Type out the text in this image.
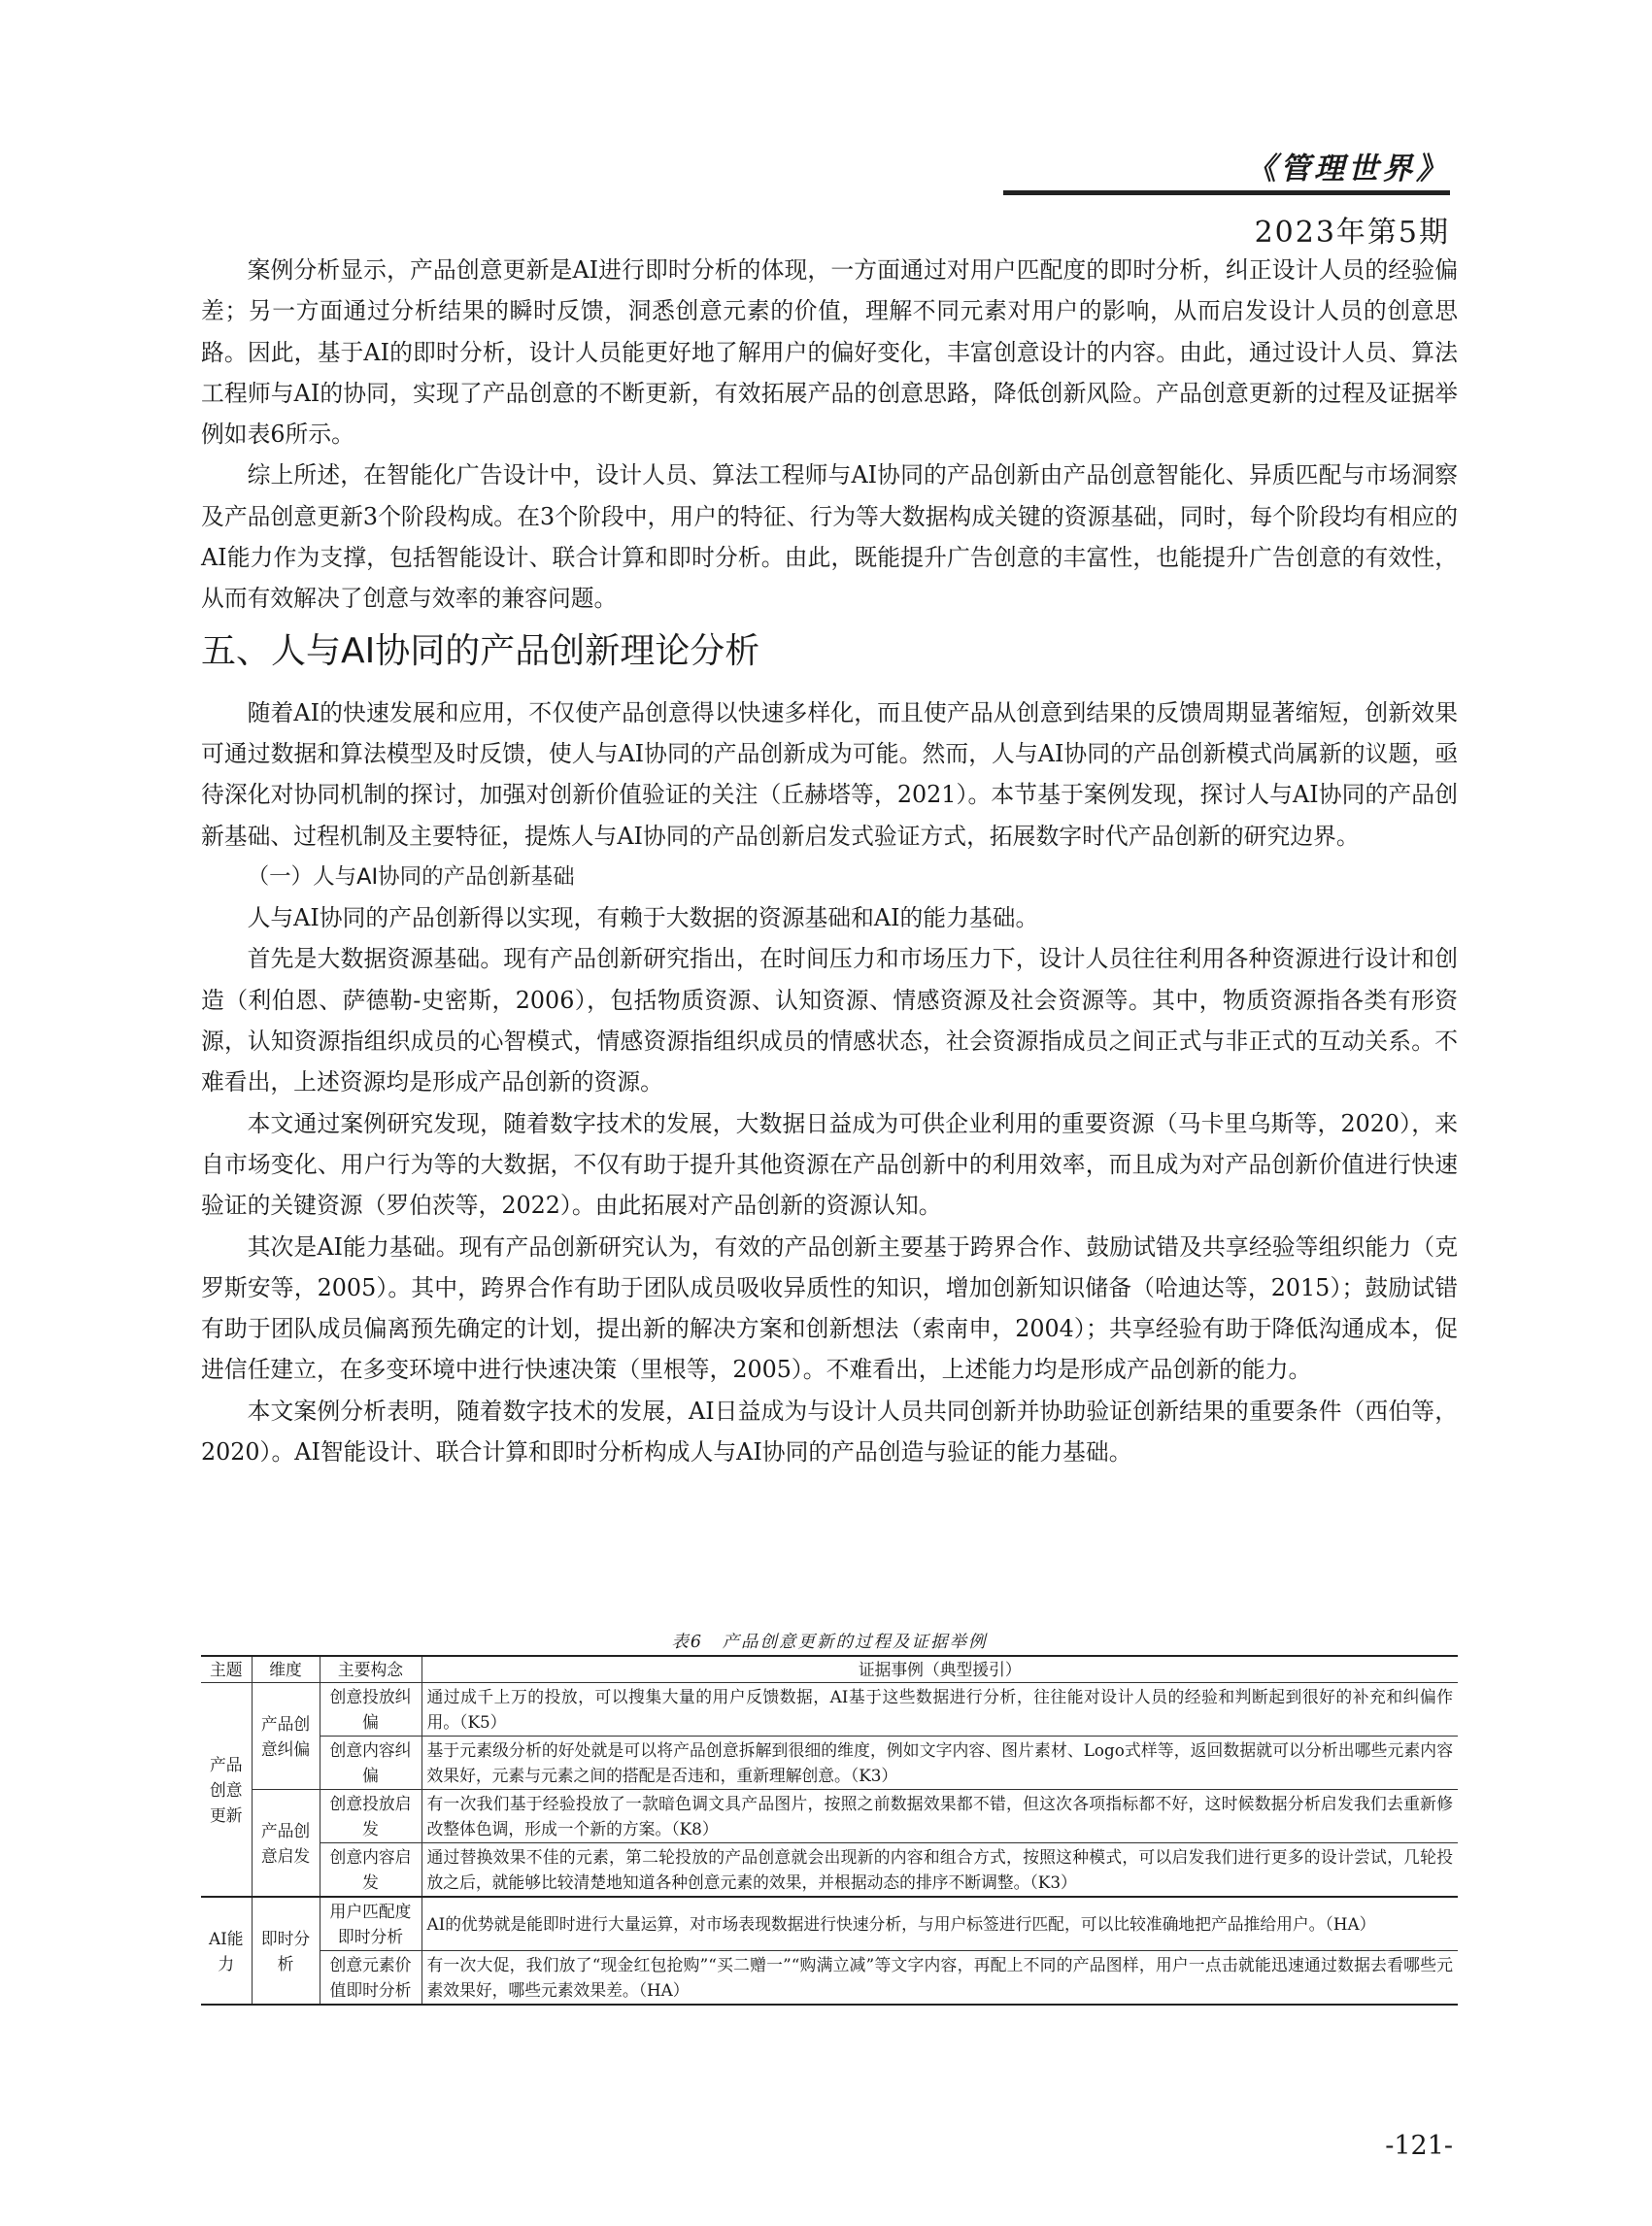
《管理世界》
2023年第5期

案例分析显示，产品创意更新是AI进行即时分析的体现，一方面通过对用户匹配度的即时分析，纠正设计人员的经验偏差；另一方面通过分析结果的瞬时反馈，洞悉创意元素的价值，理解不同元素对用户的影响，从而启发设计人员的创意思路。因此，基于AI的即时分析，设计人员能更好地了解用户的偏好变化，丰富创意设计的内容。由此，通过设计人员、算法工程师与AI的协同，实现了产品创意的不断更新，有效拓展产品的创意思路，降低创新风险。产品创意更新的过程及证据举例如表6所示。

综上所述，在智能化广告设计中，设计人员、算法工程师与AI协同的产品创新由产品创意智能化、异质匹配与市场洞察及产品创意更新3个阶段构成。在3个阶段中，用户的特征、行为等大数据构成关键的资源基础，同时，每个阶段均有相应的AI能力作为支撑，包括智能设计、联合计算和即时分析。由此，既能提升广告创意的丰富性，也能提升广告创意的有效性，从而有效解决了创意与效率的兼容问题。

五、人与AI协同的产品创新理论分析

随着AI的快速发展和应用，不仅使产品创意得以快速多样化，而且使产品从创意到结果的反馈周期显著缩短，创新效果可通过数据和算法模型及时反馈，使人与AI协同的产品创新成为可能。然而，人与AI协同的产品创新模式尚属新的议题，亟待深化对协同机制的探讨，加强对创新价值验证的关注（丘赫塔等，2021）。本节基于案例发现，探讨人与AI协同的产品创新基础、过程机制及主要特征，提炼人与AI协同的产品创新启发式验证方式，拓展数字时代产品创新的研究边界。

（一）人与AI协同的产品创新基础

人与AI协同的产品创新得以实现，有赖于大数据的资源基础和AI的能力基础。

首先是大数据资源基础。现有产品创新研究指出，在时间压力和市场压力下，设计人员往往利用各种资源进行设计和创造（利伯恩、萨德勒-史密斯，2006），包括物质资源、认知资源、情感资源及社会资源等。其中，物质资源指各类有形资源，认知资源指组织成员的心智模式，情感资源指组织成员的情感状态，社会资源指成员之间正式与非正式的互动关系。不难看出，上述资源均是形成产品创新的资源。

本文通过案例研究发现，随着数字技术的发展，大数据日益成为可供企业利用的重要资源（马卡里乌斯等，2020），来自市场变化、用户行为等的大数据，不仅有助于提升其他资源在产品创新中的利用效率，而且成为对产品创新价值进行快速验证的关键资源（罗伯茨等，2022）。由此拓展对产品创新的资源认知。

其次是AI能力基础。现有产品创新研究认为，有效的产品创新主要基于跨界合作、鼓励试错及共享经验等组织能力（克罗斯安等，2005）。其中，跨界合作有助于团队成员吸收异质性的知识，增加创新知识储备（哈迪达等，2015）；鼓励试错有助于团队成员偏离预先确定的计划，提出新的解决方案和创新想法（索南申，2004）；共享经验有助于降低沟通成本，促进信任建立，在多变环境中进行快速决策（里根等，2005）。不难看出，上述能力均是形成产品创新的能力。

本文案例分析表明，随着数字技术的发展，AI日益成为与设计人员共同创新并协助验证创新结果的重要条件（西伯等，2020）。AI智能设计、联合计算和即时分析构成人与AI协同的产品创造与验证的能力基础。

表6　产品创意更新的过程及证据举例
主题	维度	主要构念	证据事例（典型援引）
产品创意更新	产品创意纠偏	创意投放纠偏	通过成千上万的投放，可以搜集大量的用户反馈数据，AI基于这些数据进行分析，往往能对设计人员的经验和判断起到很好的补充和纠偏作用。（K5）
		创意内容纠偏	基于元素级分析的好处就是可以将产品创意拆解到很细的维度，例如文字内容、图片素材、Logo式样等，返回数据就可以分析出哪些元素内容效果好，元素与元素之间的搭配是否违和，重新理解创意。（K3）
	产品创意启发	创意投放启发	有一次我们基于经验投放了一款暗色调文具产品图片，按照之前数据效果都不错，但这次各项指标都不好，这时候数据分析启发我们去重新修改整体色调，形成一个新的方案。（K8）
		创意内容启发	通过替换效果不佳的元素，第二轮投放的产品创意就会出现新的内容和组合方式，按照这种模式，可以启发我们进行更多的设计尝试，几轮投放之后，就能够比较清楚地知道各种创意元素的效果，并根据动态的排序不断调整。（K3）
AI能力	即时分析	用户匹配度即时分析	AI的优势就是能即时进行大量运算，对市场表现数据进行快速分析，与用户标签进行匹配，可以比较准确地把产品推给用户。（HA）
		创意元素价值即时分析	有一次大促，我们放了“现金红包抢购”“买二赠一”“购满立减”等文字内容，再配上不同的产品图样，用户一点击就能迅速通过数据去看哪些元素效果好，哪些元素效果差。（HA）
-121-
